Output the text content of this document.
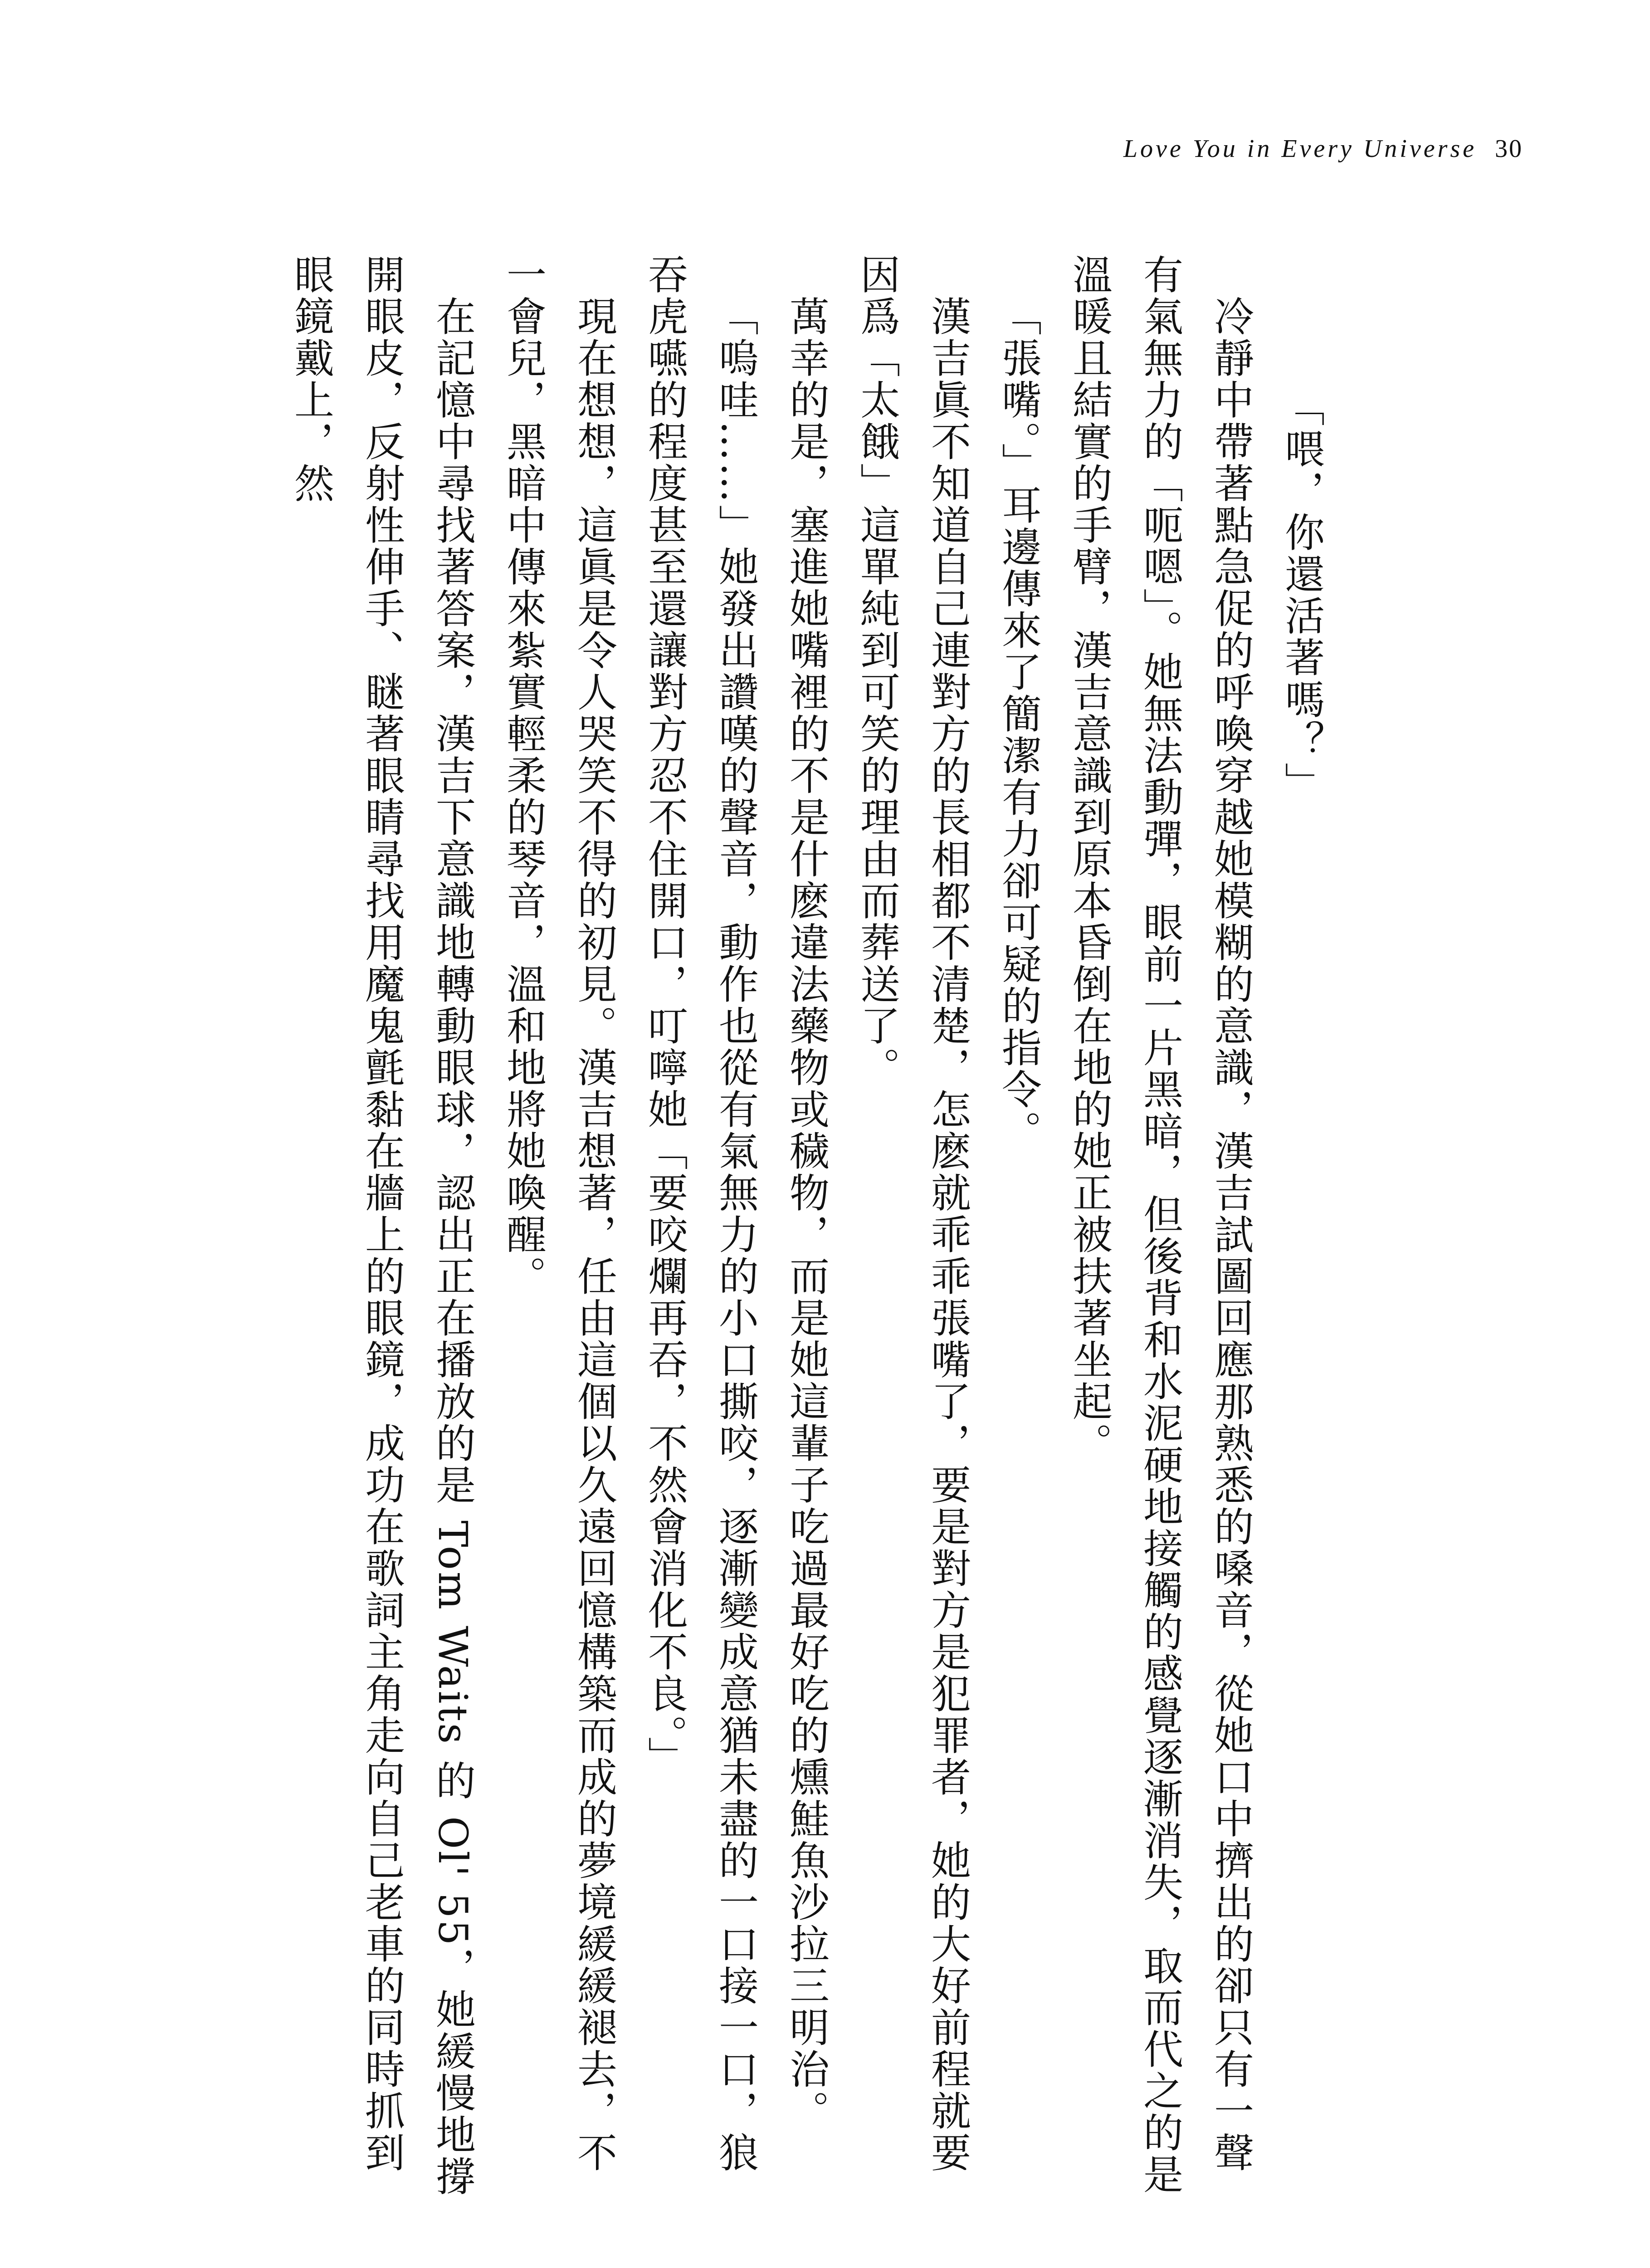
Love You in Every Universe 30

「喂，你還活著嗎？」

冷靜中帶著點急促的呼喚穿越她模糊的意識，漢吉試圖回應那熟悉的嗓音，從她口中擠出的卻只有一聲有氣無力的「呃嗯」。她無法動彈，眼前一片黑暗，但後背和水泥硬地接觸的感覺逐漸消失，取而代之的是溫暖且結實的手臂，漢吉意識到原本昏倒在地的她正被扶著坐起。

「張嘴。」耳邊傳來了簡潔有力卻可疑的指令。

漢吉眞不知道自己連對方的長相都不清楚，怎麽就乖乖張嘴了，要是對方是犯罪者，她的大好前程就要因爲「太餓」這單純到可笑的理由而葬送了。

萬幸的是，塞進她嘴裡的不是什麽違法藥物或穢物，而是她這輩子吃過最好吃的燻鮭魚沙拉三明治。

「嗚哇……」她發出讚嘆的聲音，動作也從有氣無力的小口撕咬，逐漸變成意猶未盡的一口接一口，狼吞虎嚥的程度甚至還讓對方忍不住開口，叮嚀她「要咬爛再吞，不然會消化不良。」

現在想想，這眞是令人哭笑不得的初見。漢吉想著，任由這個以久遠回憶構築而成的夢境緩緩褪去，不一會兒，黑暗中傳來紮實輕柔的琴音，溫和地將她喚醒。

在記憶中尋找著答案，漢吉下意識地轉動眼球，認出正在播放的是 Tom Waits 的 Ol' 55，她緩慢地撐開眼皮，反射性伸手、瞇著眼睛尋找用魔鬼氈黏在牆上的眼鏡，成功在歌詞主角走向自己老車的同時抓到眼鏡戴上，然
